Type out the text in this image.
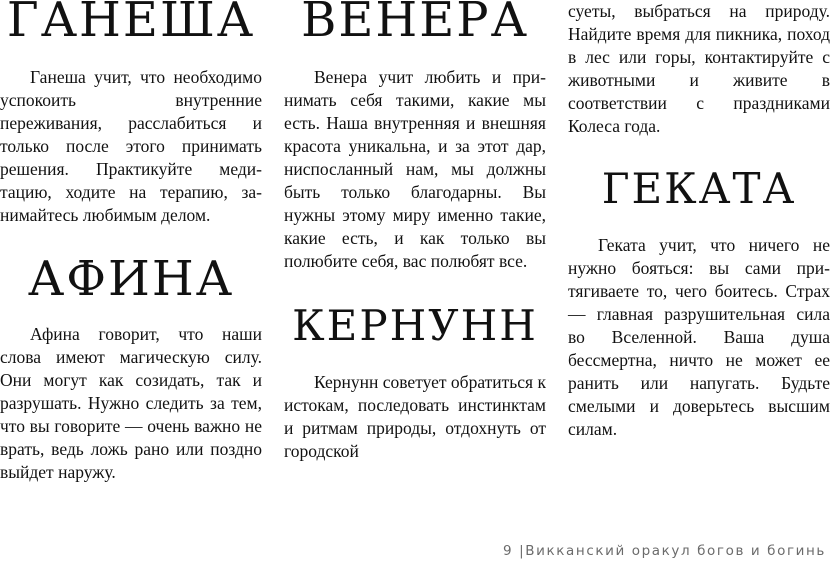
ГАНЕША

Ганеша учит, что необходимо успокоить внутренние переживания, расслабиться и только после этого принимать решения. Практикуйте медитацию, ходите на терапию, занимайтесь любимым делом.

АФИНА

Афина говорит, что наши слова имеют магическую силу. Они могут как созидать, так и разрушать. Нужно следить за тем, что вы говорите — очень важно не врать, ведь ложь рано или поздно выйдет наружу.

ВЕНЕРА

Венера учит любить и принимать себя такими, какие мы есть. Наша внутренняя и внешняя красота уникальна, и за этот дар, ниспосланный нам, мы должны быть только благодарны. Вы нужны этому миру именно такие, какие есть, и как только вы полюбите себя, вас полюбят все.

КЕРНУНН

Кернунн советует обратиться к истокам, последовать инстинктам и ритмам природы, отдохнуть от городской

суеты, выбраться на природу. Найдите время для пикника, поход в лес или горы, контактируйте с животными и живите в соответствии с праздниками Колеса года.

ГЕКАТА

Геката учит, что ничего не нужно бояться: вы сами притягиваете то, чего боитесь. Страх — главная разрушительная сила во Вселенной. Ваша душа бессмертна, ничто не может ее ранить или напугать. Будьте смелыми и доверьтесь высшим силам.

9 |Викканский оракул богов и богинь
